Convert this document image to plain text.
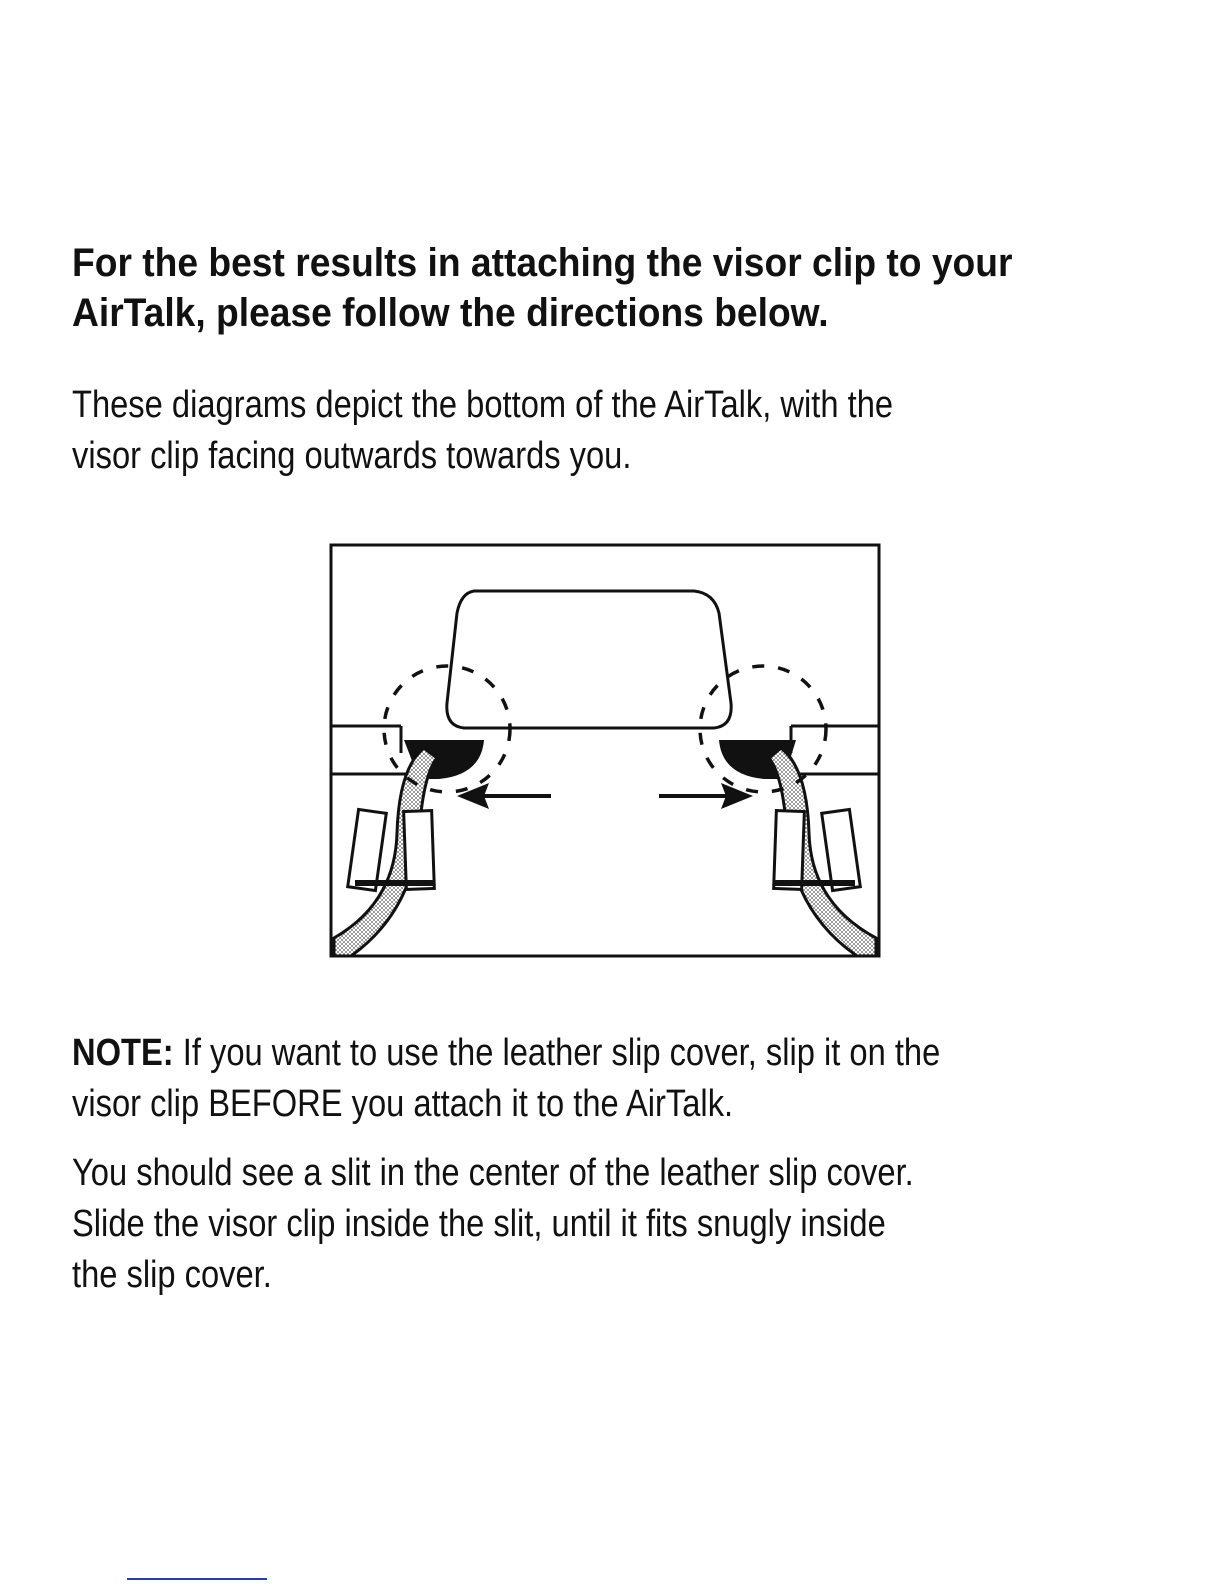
For the best results in attaching the visor clip to your
AirTalk, please follow the directions below.
These diagrams depict the bottom of the AirTalk, with the
visor clip facing outwards towards you.
NOTE: If you want to use the leather slip cover, slip it on the
visor clip BEFORE you attach it to the AirTalk.
You should see a slit in the center of the leather slip cover.
Slide the visor clip inside the slit, until it fits snugly inside
the slip cover.
